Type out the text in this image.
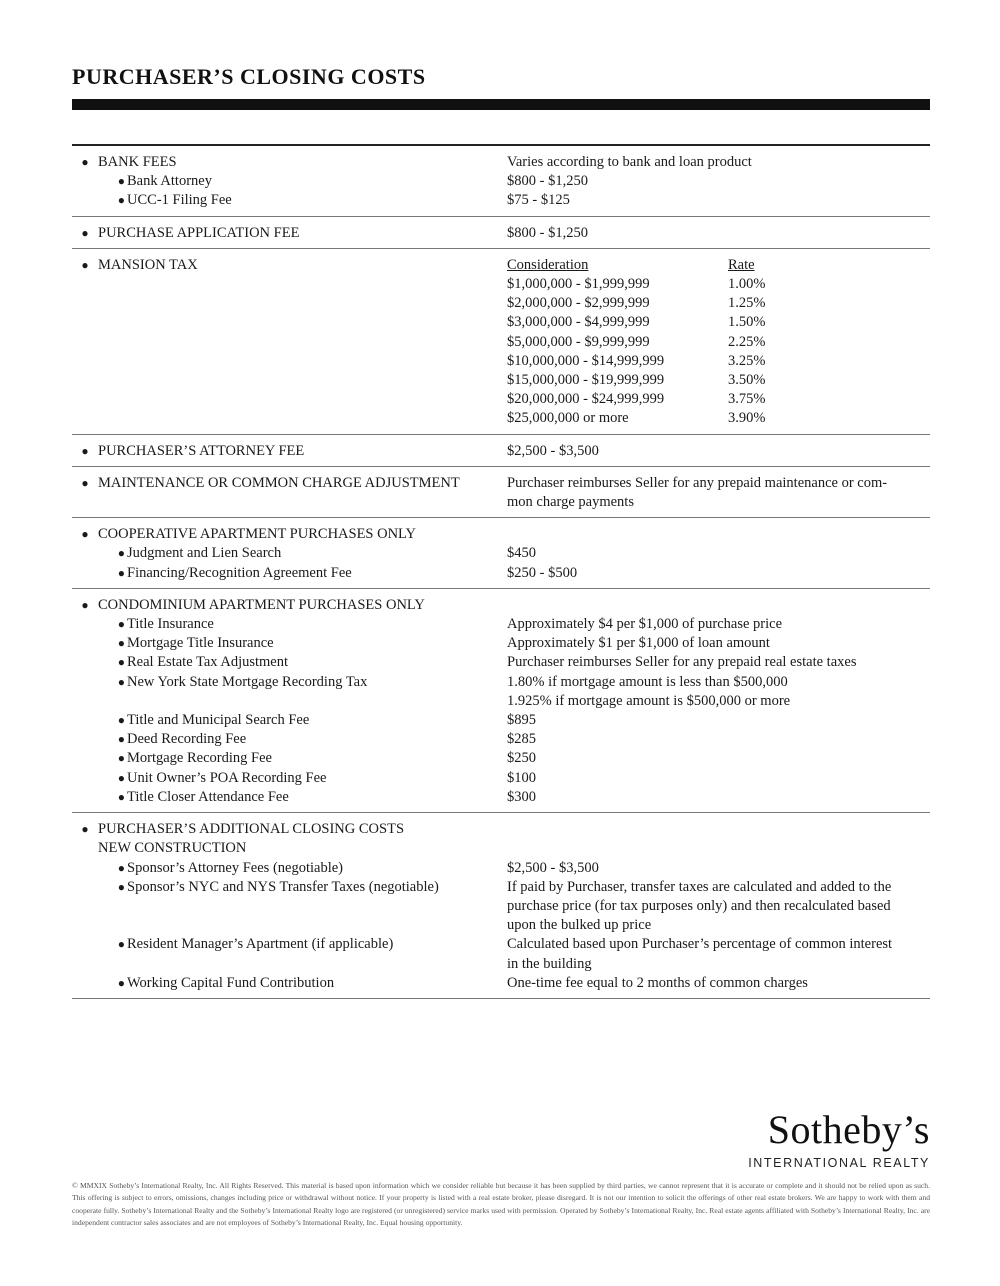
PURCHASER’S CLOSING COSTS
● BANK FEES	Varies according to bank and loan product
● Bank Attorney	$800 - $1,250
● UCC-1 Filing Fee	$75 - $125
● PURCHASE APPLICATION FEE	$800 - $1,250
● MANSION TAX	Consideration	Rate
$1,000,000 - $1,999,999	1.00%
$2,000,000 - $2,999,999	1.25%
$3,000,000 - $4,999,999	1.50%
$5,000,000 - $9,999,999	2.25%
$10,000,000 - $14,999,999	3.25%
$15,000,000 - $19,999,999	3.50%
$20,000,000 - $24,999,999	3.75%
$25,000,000 or more	3.90%
● PURCHASER’S ATTORNEY FEE	$2,500 - $3,500
● MAINTENANCE OR COMMON CHARGE ADJUSTMENT	Purchaser reimburses Seller for any prepaid maintenance or com-
mon charge payments
● COOPERATIVE APARTMENT PURCHASES ONLY
● Judgment and Lien Search	$450
● Financing/Recognition Agreement Fee	$250 - $500
● CONDOMINIUM APARTMENT PURCHASES ONLY
● Title Insurance	Approximately $4 per $1,000 of purchase price
● Mortgage Title Insurance	Approximately $1 per $1,000 of loan amount
● Real Estate Tax Adjustment	Purchaser reimburses Seller for any prepaid real estate taxes
● New York State Mortgage Recording Tax	1.80% if mortgage amount is less than $500,000
1.925% if mortgage amount is $500,000 or more
● Title and Municipal Search Fee	$895
● Deed Recording Fee	$285
● Mortgage Recording Fee	$250
● Unit Owner’s POA Recording Fee	$100
● Title Closer Attendance Fee	$300
● PURCHASER’S ADDITIONAL CLOSING COSTS
NEW CONSTRUCTION
● Sponsor’s Attorney Fees (negotiable)	$2,500 - $3,500
● Sponsor’s NYC and NYS Transfer Taxes (negotiable)	If paid by Purchaser, transfer taxes are calculated and added to the
purchase price (for tax purposes only) and then recalculated based
upon the bulked up price
● Resident Manager’s Apartment (if applicable)	Calculated based upon Purchaser’s percentage of common interest
in the building
● Working Capital Fund Contribution	One-time fee equal to 2 months of common charges
Sotheby’s
INTERNATIONAL REALTY
© MMXIX Sotheby’s International Realty, Inc. All Rights Reserved. This material is based upon information which we consider reliable but because it has been supplied by third parties, we cannot represent that it is accurate or complete and it should not be relied upon as such. This offering is subject to errors, omissions, changes including price or withdrawal without notice. If your property is listed with a real estate broker, please disregard. It is not our intention to solicit the offerings of other real estate brokers. We are happy to work with them and cooperate fully. Sotheby’s International Realty and the Sotheby’s International Realty logo are registered (or unregistered) service marks used with permission. Operated by Sotheby’s International Realty, Inc. Real estate agents affiliated with Sotheby’s International Realty, Inc. are independent contractor sales associates and are not employees of Sotheby’s International Realty, Inc. Equal housing opportunity.
